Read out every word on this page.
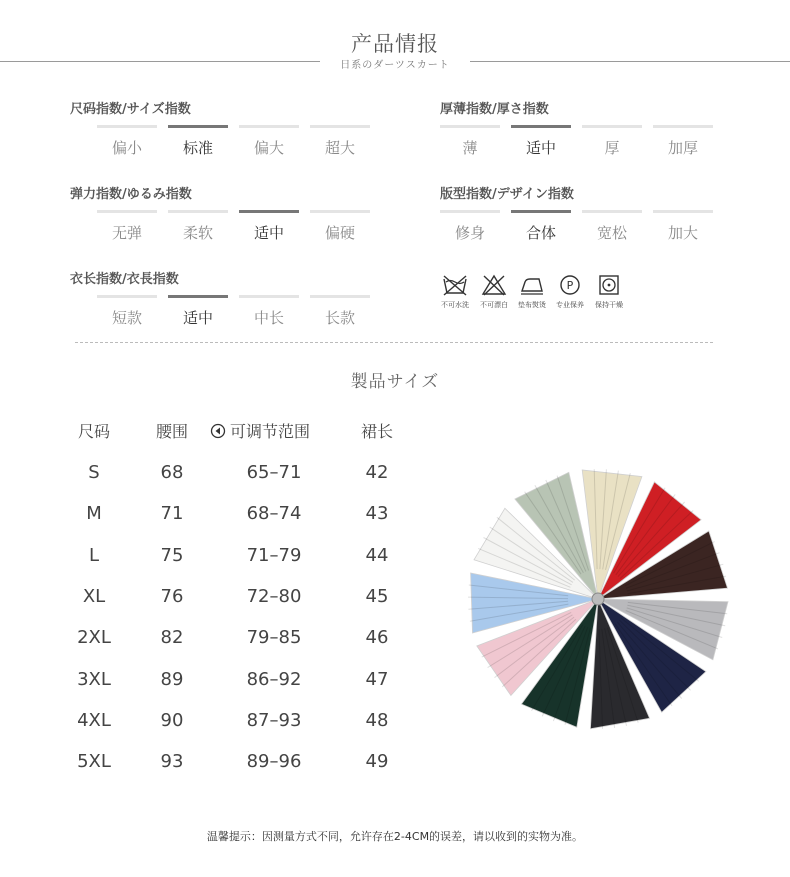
产品情报
日系のダーツスカート
尺码指数/サイズ指数	厚薄指数/厚さ指数
弹力指数/ゆるみ指数	版型指数/デザイン指数
衣长指数/衣長指数
偏小	标准	偏大	超大	薄	适中	厚	加厚
无弹	柔软	适中	偏硬	修身	合体	宽松	加大
短款	适中	中长	长款
不可水洗	不可漂白	垫布熨烫
P
专业保养	保持干燥
製品サイズ
尺码	腰围	可调节范围	裙长
S	68	65–71	42
M	71	68–74	43
L	75	71–79	44
XL	76	72–80	45
2XL	82	79–85	46
3XL	89	86–92	47
4XL	90	87–93	48
5XL	93	89–96	49
温馨提示：因测量方式不同，允许存在2-4CM的误差，请以收到的实物为准。
